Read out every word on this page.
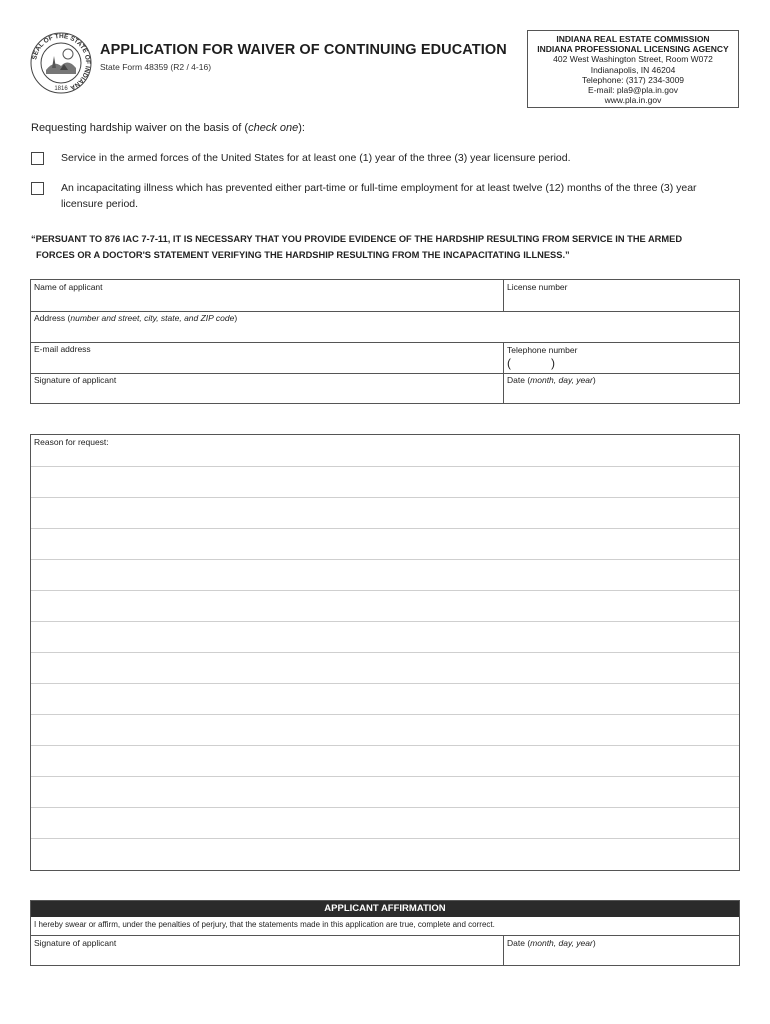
SEAL OF THE STATE OF INDIANA
1816
APPLICATION FOR WAIVER OF CONTINUING EDUCATION
State Form 48359 (R2 / 4-16)
INDIANA REAL ESTATE COMMISSION
INDIANA PROFESSIONAL LICENSING AGENCY
402 West Washington Street, Room W072
Indianapolis, IN 46204
Telephone: (317) 234-3009
E-mail: pla9@pla.in.gov
www.pla.in.gov
Requesting hardship waiver on the basis of (check one):
Service in the armed forces of the United States for at least one (1) year of the three (3) year licensure period.
An incapacitating illness which has prevented either part-time or full-time employment for at least twelve (12) months of the three (3) year licensure period.
“PERSUANT TO 876 IAC 7-7-11, IT IS NECESSARY THAT YOU PROVIDE EVIDENCE OF THE HARDSHIP RESULTING FROM SERVICE IN THE ARMED
FORCES OR A DOCTOR'S STATEMENT VERIFYING THE HARDSHIP RESULTING FROM THE INCAPACITATING ILLNESS.”
Name of applicant	License number
Address (number and street, city, state, and ZIP code)
E-mail address	Telephone number
(            )
Signature of applicant	Date (month, day, year)
Reason for request:
APPLICANT AFFIRMATION
I hereby swear or affirm, under the penalties of perjury, that the statements made in this application are true, complete and correct.
Signature of applicant	Date (month, day, year)
